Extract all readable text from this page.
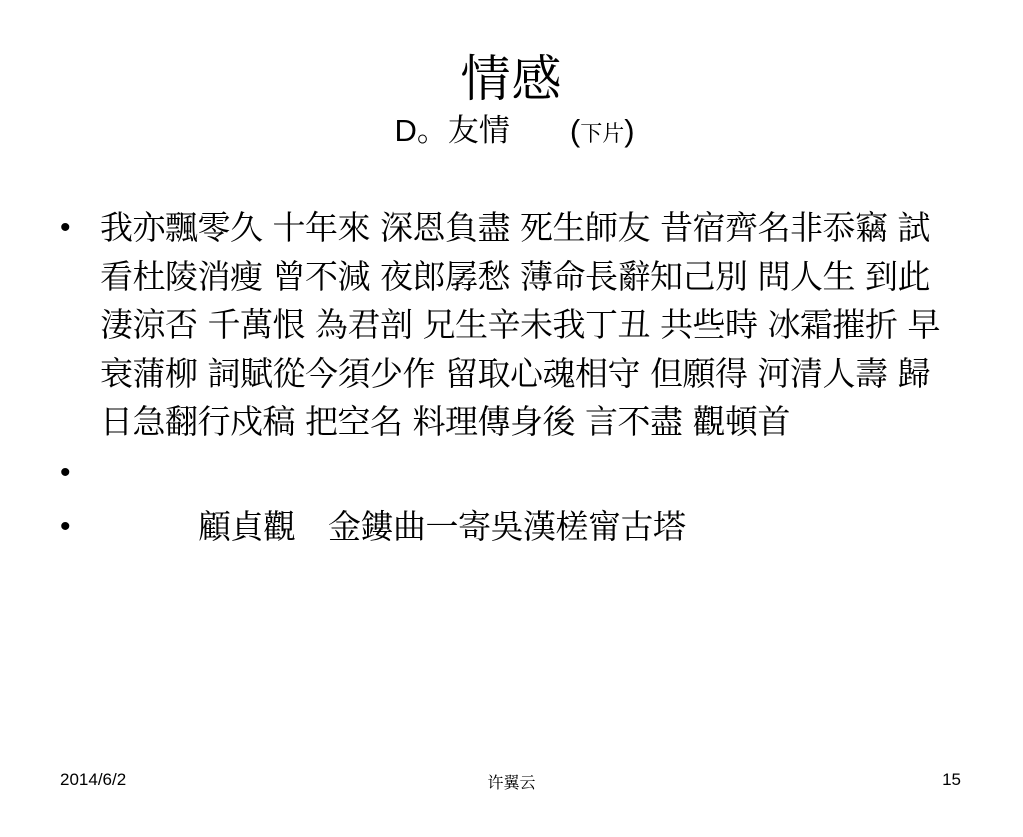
情感
D。友情 (下片)
• 我亦飄零久 十年來 深恩負盡 死生師友 昔宿齊名非忝竊 試看杜陵消瘦 曾不減 夜郎孱愁 薄命長辭知己別 問人生 到此淒涼否 千萬恨 為君剖 兄生辛未我丁丑 共些時 冰霜摧折 早衰蒲柳 詞賦從今須少作 留取心魂相守 但願得 河清人壽 歸日急翻行戍稿 把空名 料理傳身後 言不盡 觀頓首
•
•	顧貞觀　金鏤曲一寄吳漢槎甯古塔
2014/6/2	许翼云	15
